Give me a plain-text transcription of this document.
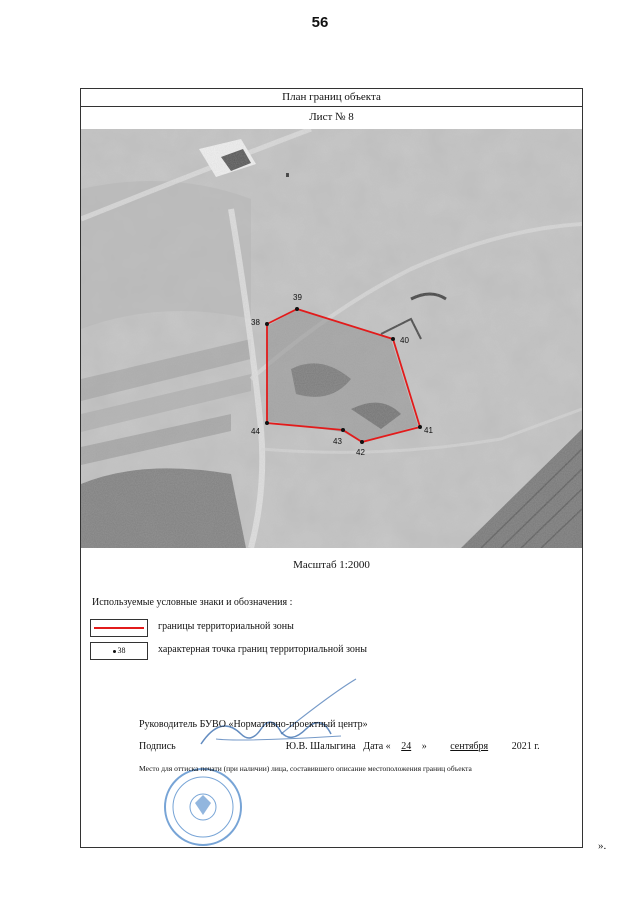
56
План границ объекта
Лист № 8
39
38
40
41
42
43
44
Масштаб 1:2000
Используемые условные знаки и обозначения :
границы территориальной зоны
38	характерная точка границ территориальной зоны
Руководитель БУВО «Нормативно-проектный центр»
Подпись	Ю.В. Шалыгина Дата « 24 » сентября 2021 г.
Место для оттиска печати (при наличии) лица, составившего описание местоположения границ объекта
».
